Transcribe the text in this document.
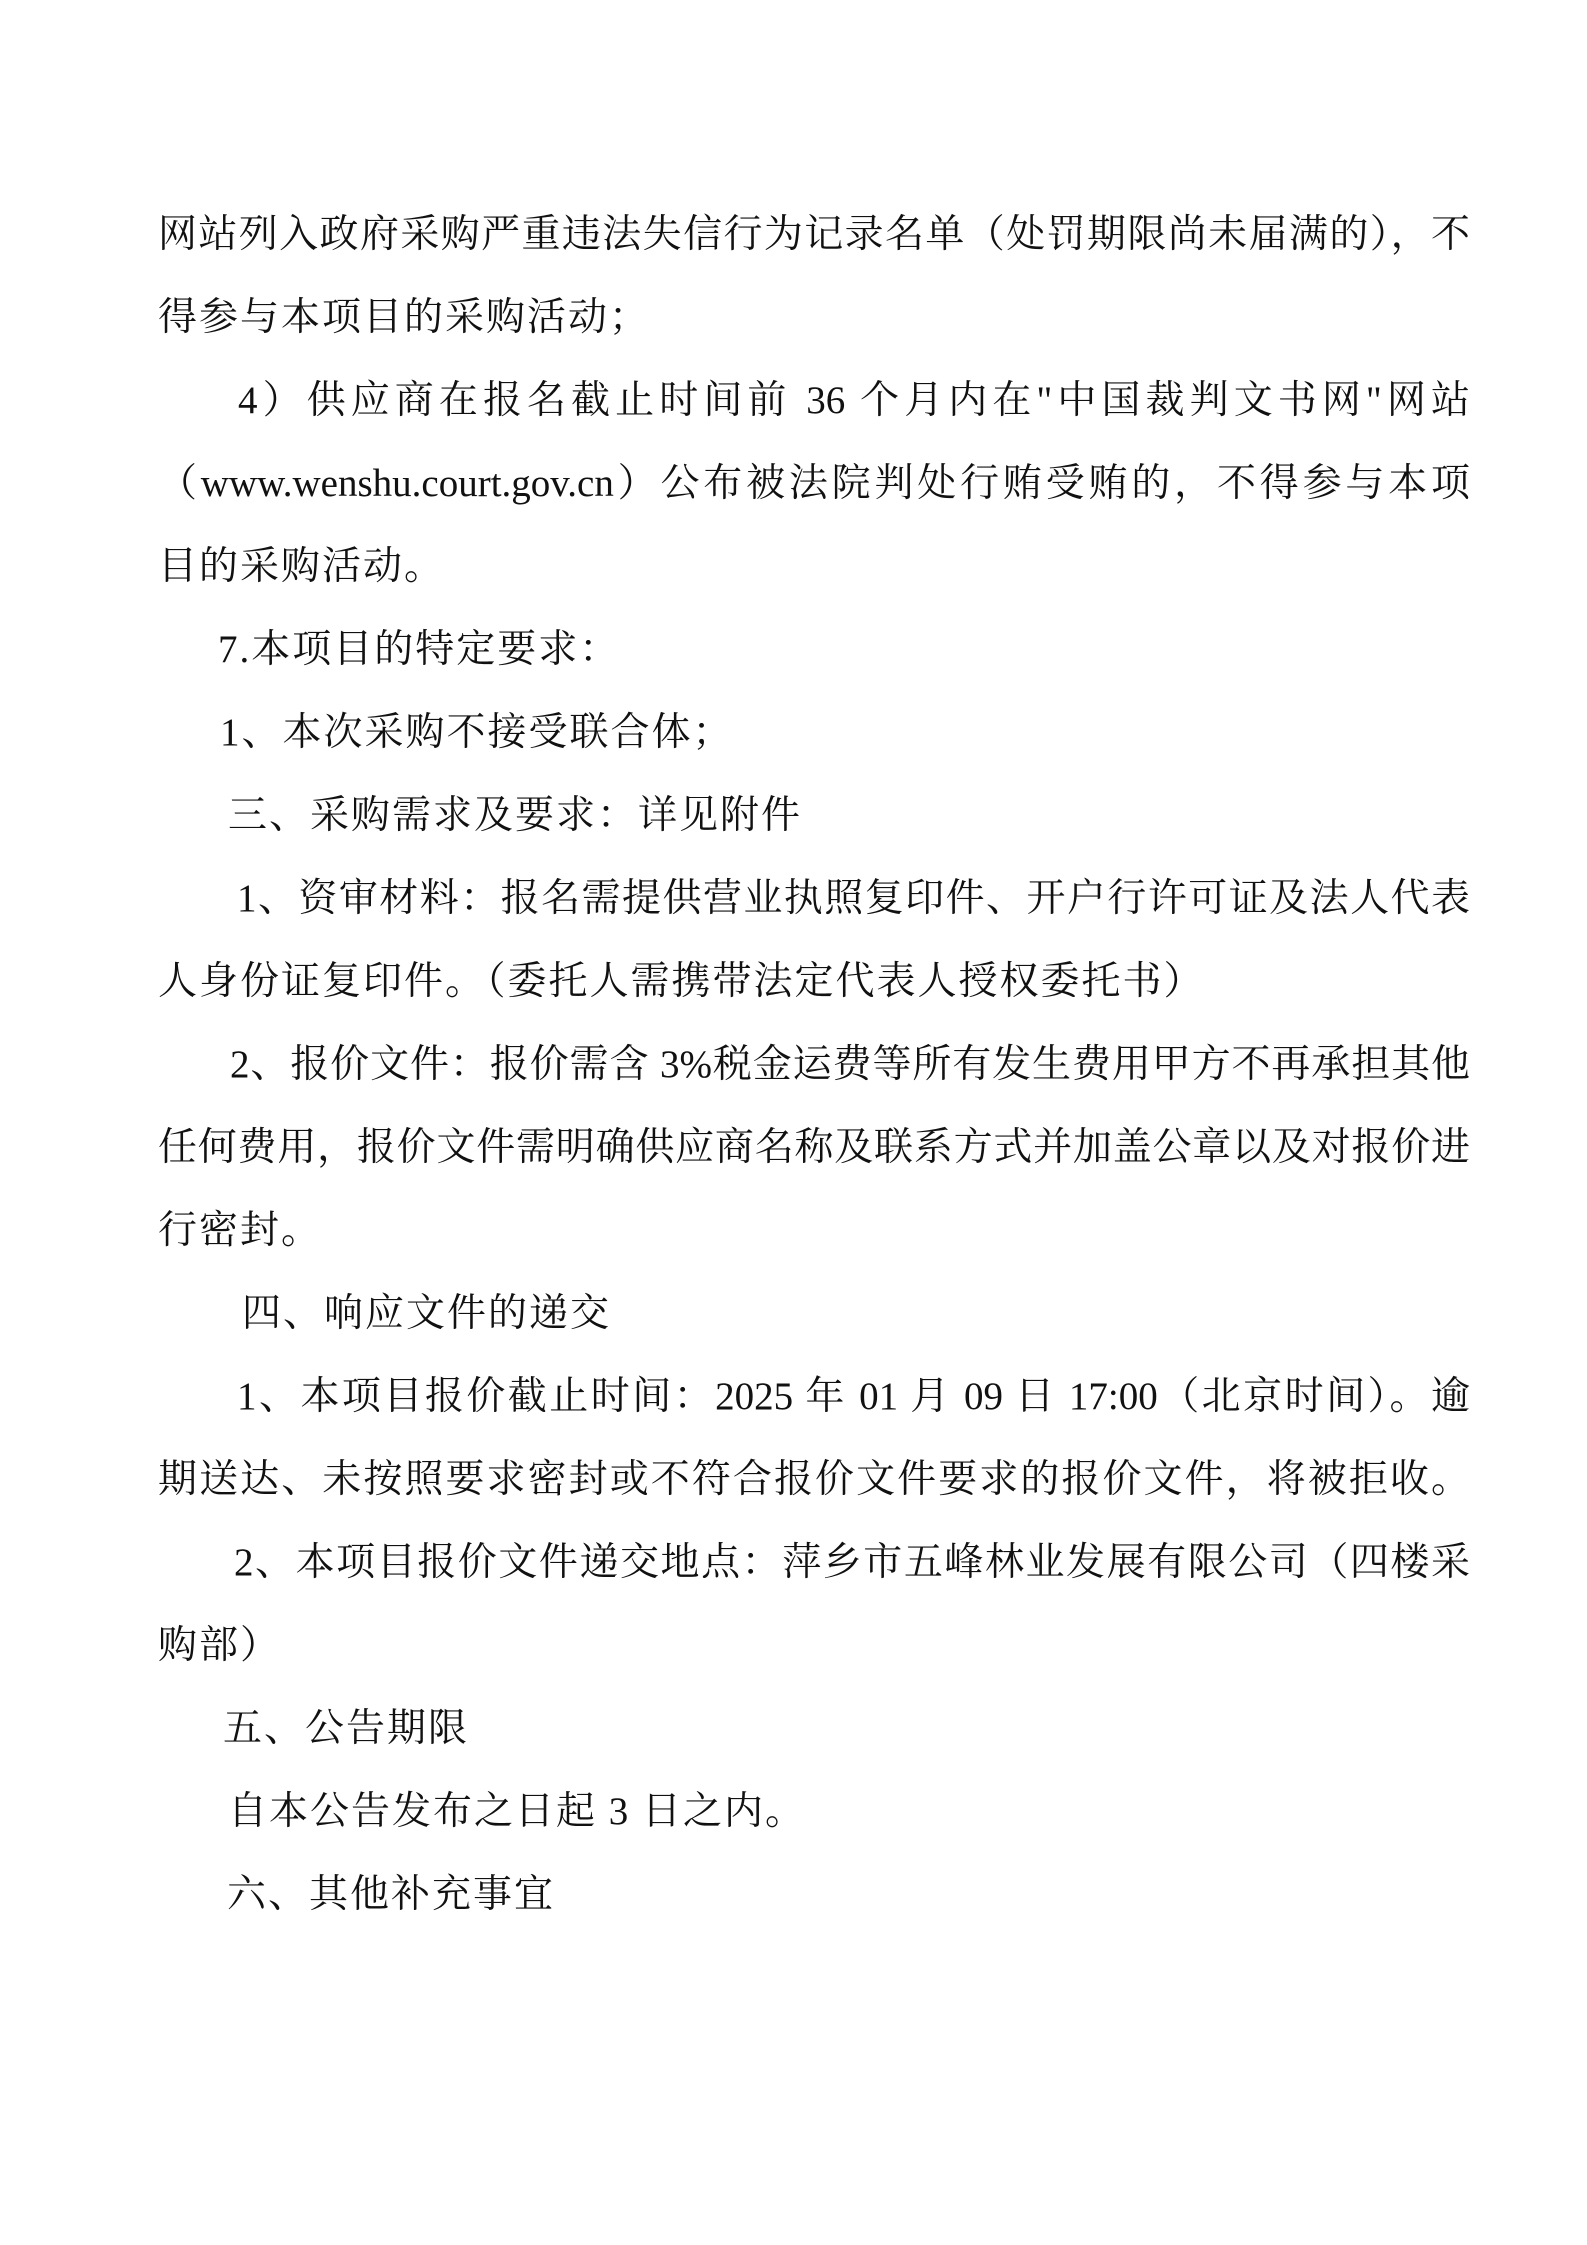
网站列入政府采购严重违法失信行为记录名单（处罚期限尚未届满的），不
得参与本项目的采购活动；
4）供应商在报名截止时间前 36 个月内在"中国裁判文书网"网站
（www.wenshu.court.gov.cn）公布被法院判处行贿受贿的，不得参与本项
目的采购活动。
7.本项目的特定要求：
1、本次采购不接受联合体；
三、采购需求及要求：详见附件
1、资审材料：报名需提供营业执照复印件、开户行许可证及法人代表
人身份证复印件。（委托人需携带法定代表人授权委托书）
2、报价文件：报价需含 3%税金运费等所有发生费用甲方不再承担其他
任何费用，报价文件需明确供应商名称及联系方式并加盖公章以及对报价进
行密封。
四、响应文件的递交
1、本项目报价截止时间：2025 年 01 月 09 日 17:00（北京时间）。逾
期送达、未按照要求密封或不符合报价文件要求的报价文件，将被拒收。
2、本项目报价文件递交地点：萍乡市五峰林业发展有限公司（四楼采
购部）
五、公告期限
自本公告发布之日起 3 日之内。
六、其他补充事宜
